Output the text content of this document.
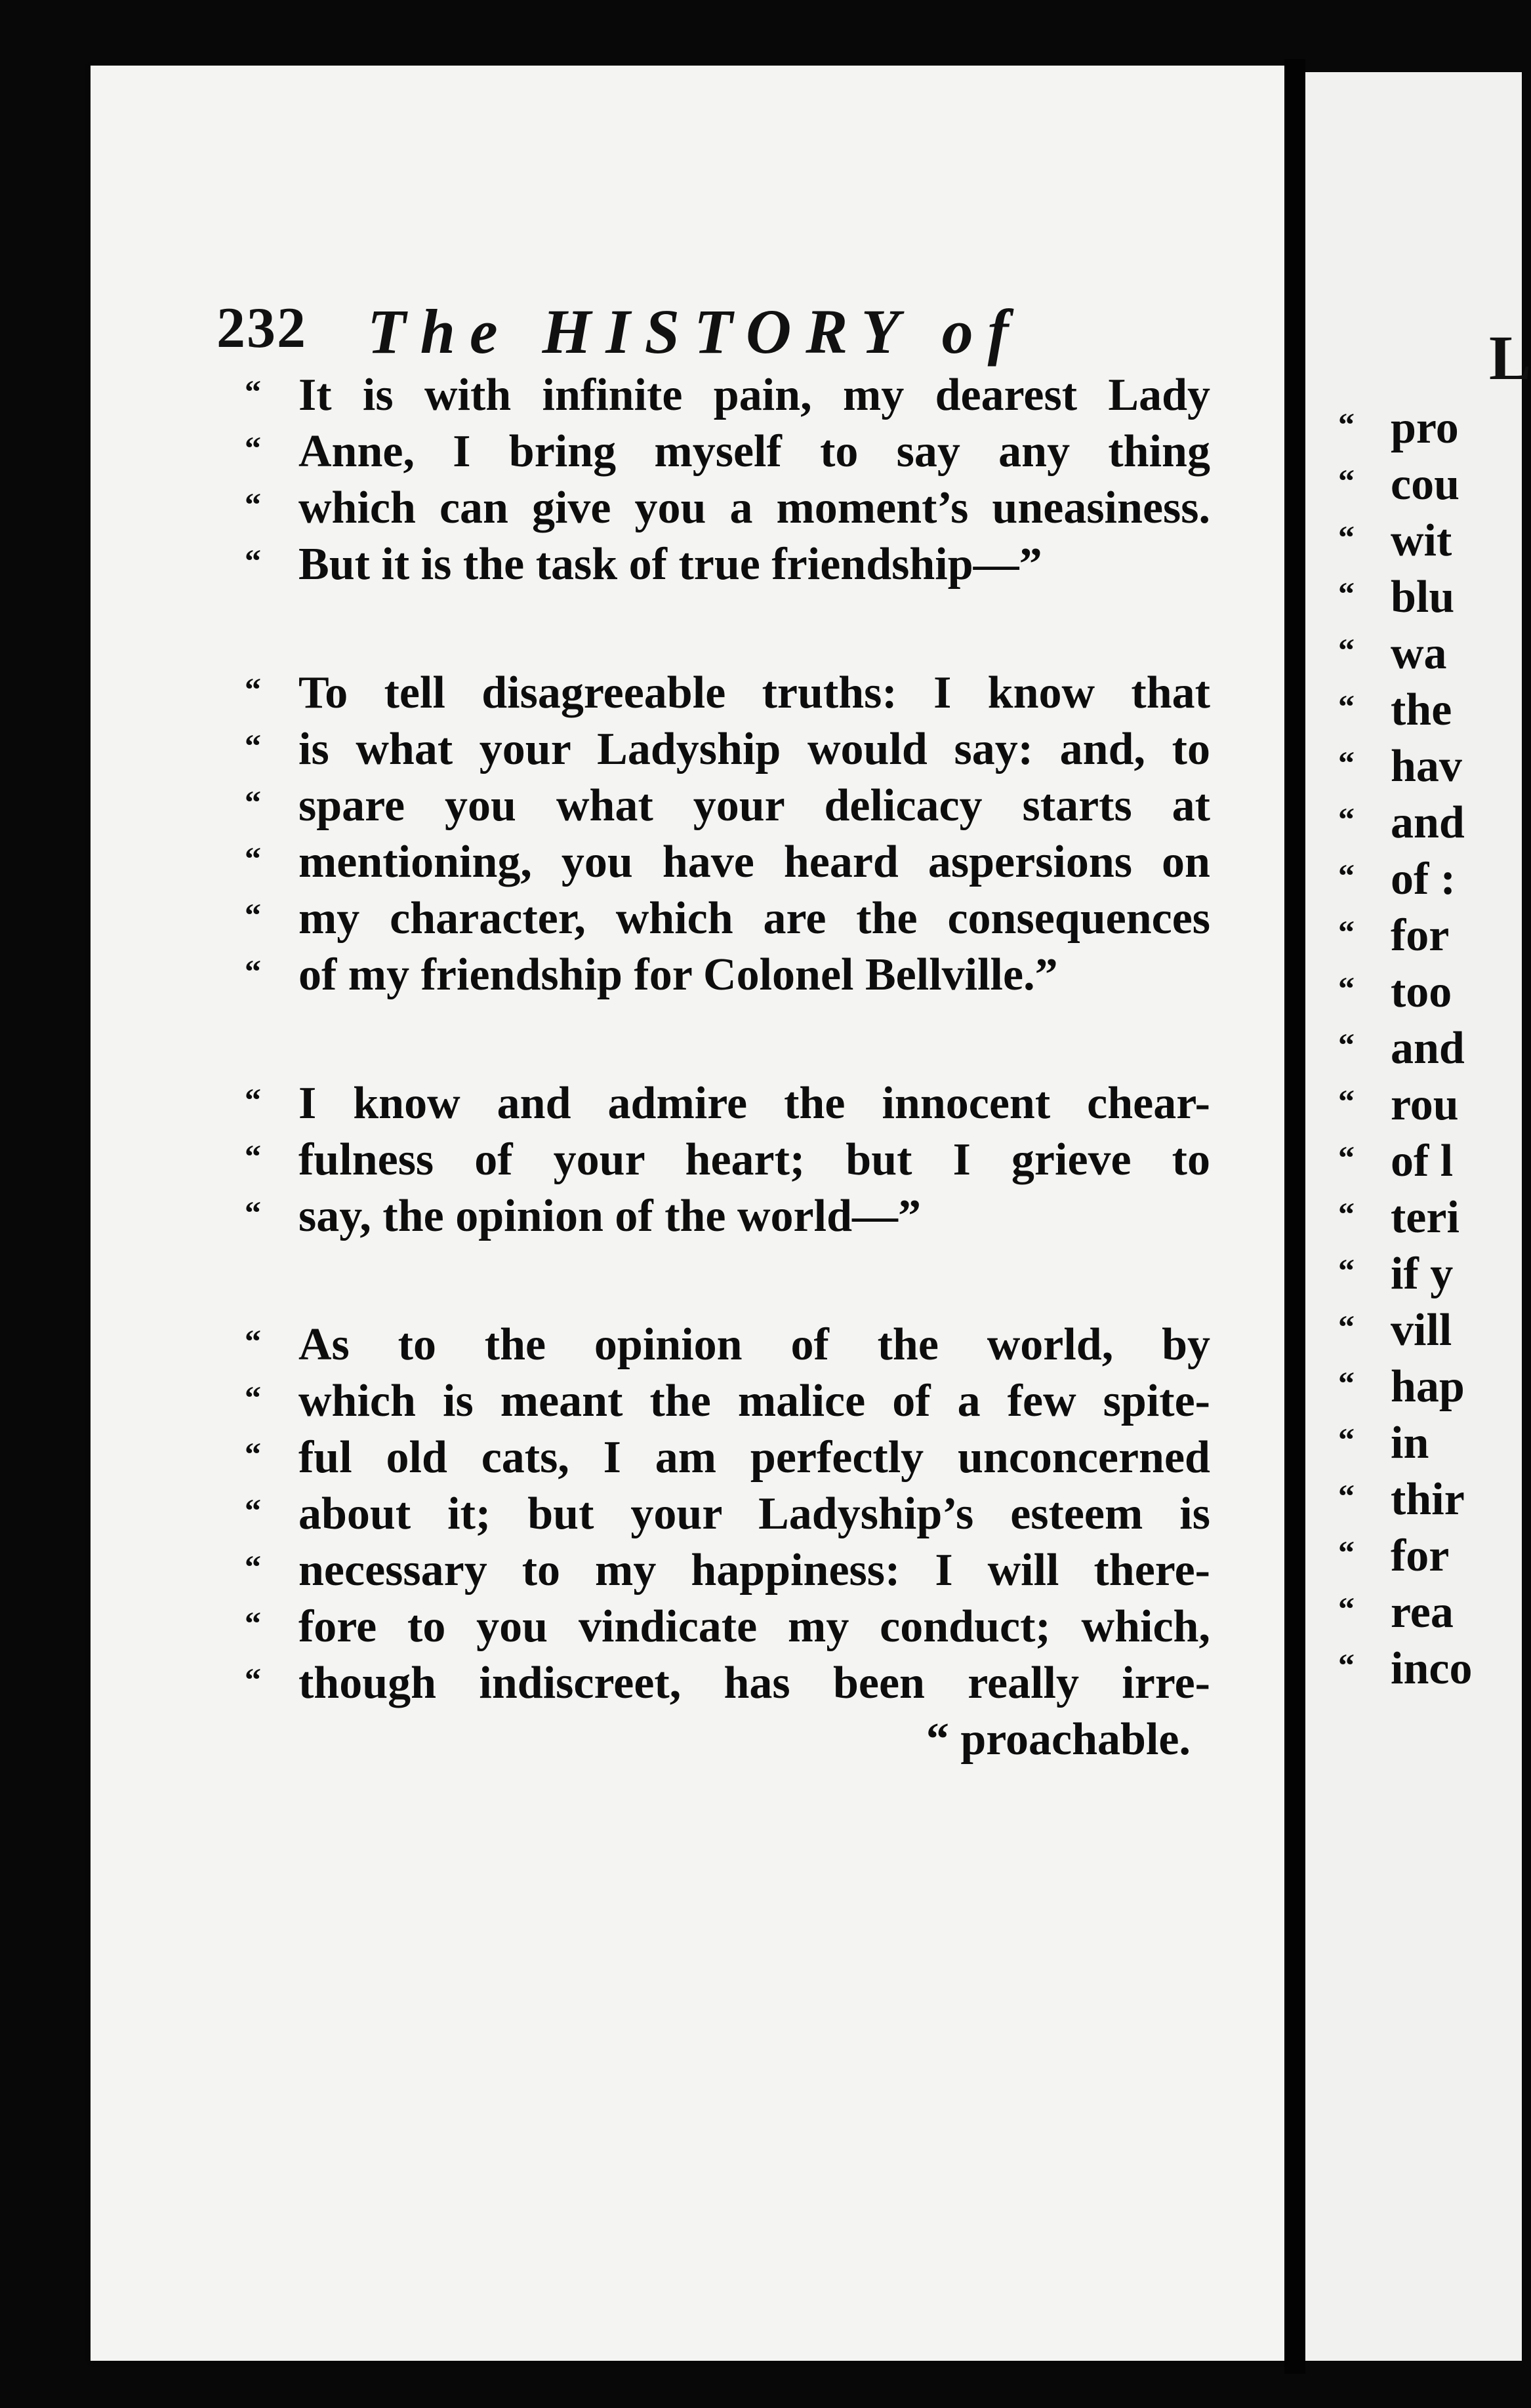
232 The HISTORY of

“ It is with infinite pain, my dearest Lady
“ Anne, I bring myself to say any thing
“ which can give you a moment’s uneasiness.
“ But it is the task of true friendship—”

“ To tell disagreeable truths: I know that
“ is what your Ladyship would say: and, to
“ spare you what your delicacy starts at
“ mentioning, you have heard aspersions on
“ my character, which are the consequences
“ of my friendship for Colonel Bellville.”

“ I know and admire the innocent chear-
“ fulness of your heart; but I grieve to
“ say, the opinion of the world—”

“ As to the opinion of the world, by
“ which is meant the malice of a few spite-
“ ful old cats, I am perfectly unconcerned
“ about it; but your Ladyship’s esteem is
“ necessary to my happiness: I will there-
“ fore to you vindicate my conduct; which,
“ though indiscreet, has been really irre-
“ proachable.

L
“ pro
“ cou
“ wit
“ blu
“ wa
“ the
“ hav
“ and
“ of :
“ for
“ too
“ and
“ rou
“ of l
“ teri
“ if y
“ vill
“ hap
“ in
“ thir
“ for
“ rea
“ inco
